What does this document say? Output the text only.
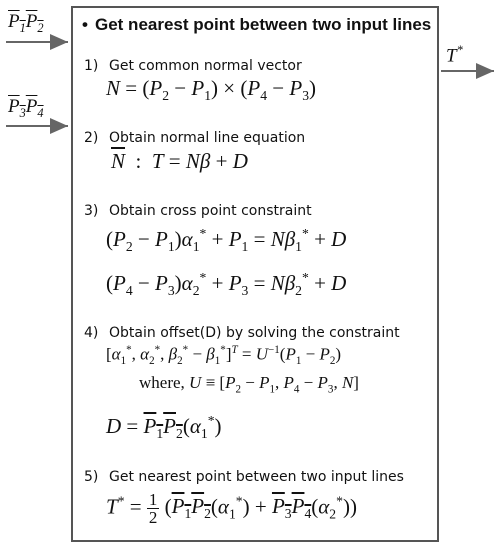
$P_1P_2$
$P_3P_4$
T*
• Get nearest point between two input lines
1) Get common normal vector
$N = (P_2 - P_1) \times (P_4 - P_3)$
2) Obtain normal line equation
$\overline{N}$  :  T = Nβ + D
3) Obtain cross point constraint
$(P_2 - P_1)\alpha_1^* + P_1 = N\beta_1^* + D$
$(P_4 - P_3)\alpha_2^* + P_3 = N\beta_2^* + D$
4) Obtain offset(D) by solving the constraint
[$\alpha_1^*$, $\alpha_2^*$, $\beta_2^* - \beta_1^*]^T = U^{-1}(P_1 - P_2)$
where, $U \equiv [P_2 - P_1$, $P_4 - P_3$, N]
$D = P_1P_2(\alpha_1^*)$
5) Get nearest point between two input lines
$T^* = \frac{1}{2} (P_1P_2(\alpha_1^*) + P_3P_4(\alpha_2^*))$
